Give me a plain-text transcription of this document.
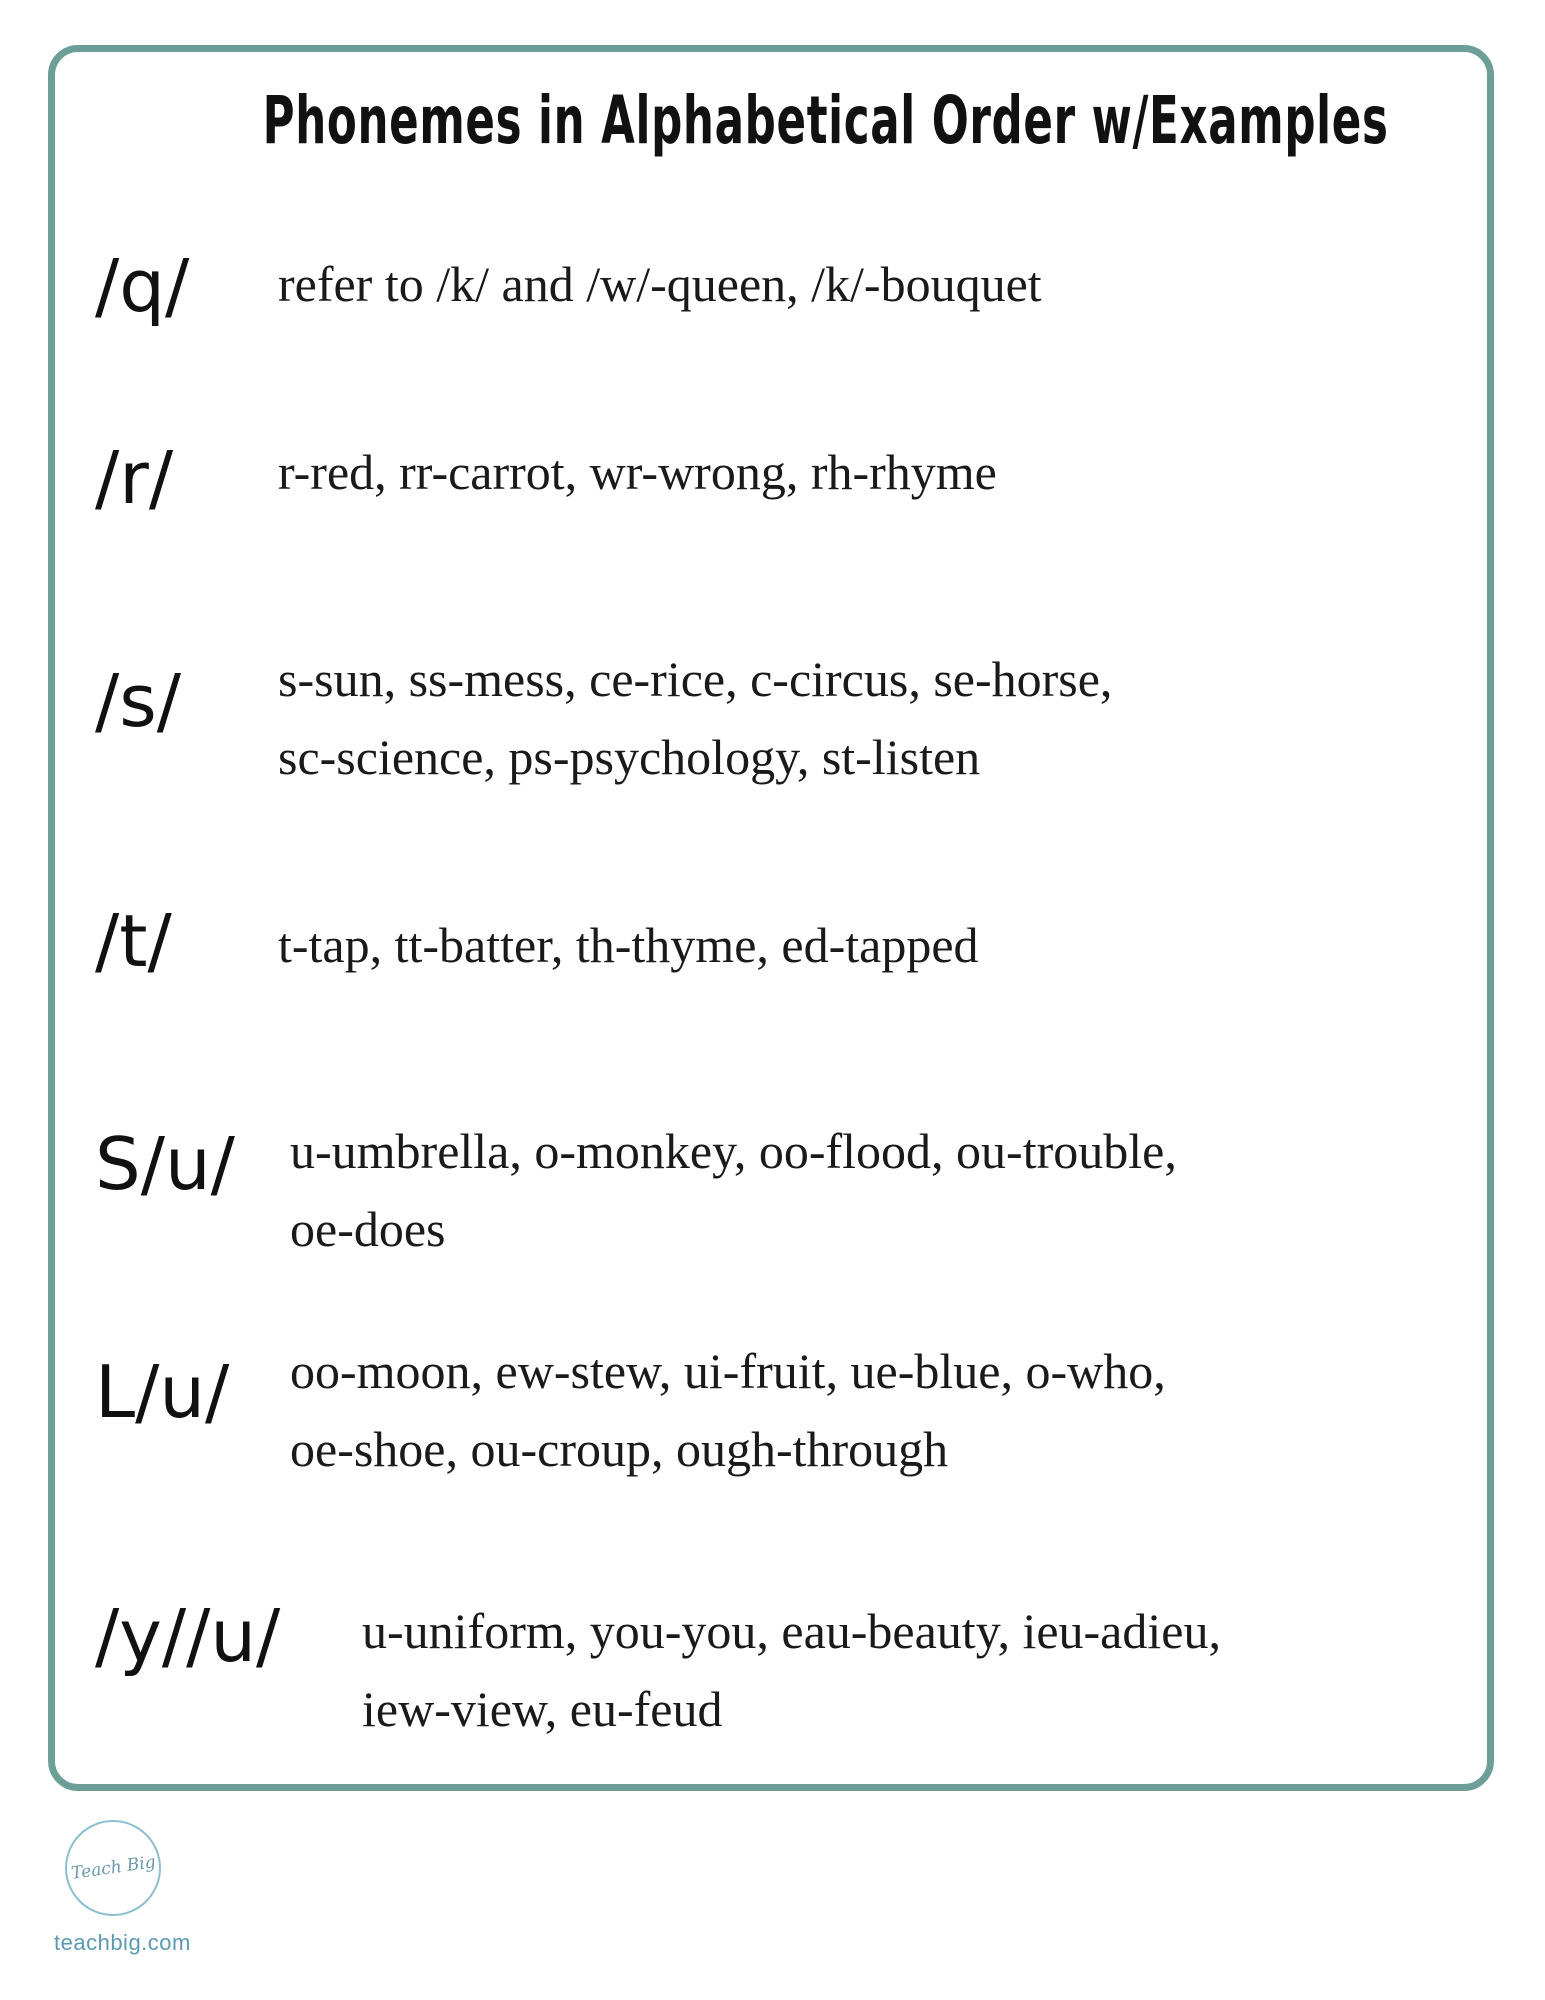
Phonemes in Alphabetical Order w/Examples
/q/ refer to /k/ and /w/-queen, /k/-bouquet
/r/ r-red, rr-carrot, wr-wrong, rh-rhyme
/s/ s-sun, ss-mess, ce-rice, c-circus, se-horse,
sc-science, ps-psychology, st-listen
/t/ t-tap, tt-batter, th-thyme, ed-tapped
S/u/ u-umbrella, o-monkey, oo-flood, ou-trouble,
oe-does
L/u/ oo-moon, ew-stew, ui-fruit, ue-blue, o-who,
oe-shoe, ou-croup, ough-through
/y//u/ u-uniform, you-you, eau-beauty, ieu-adieu,
iew-view, eu-feud
Teach Big
teachbig.com
